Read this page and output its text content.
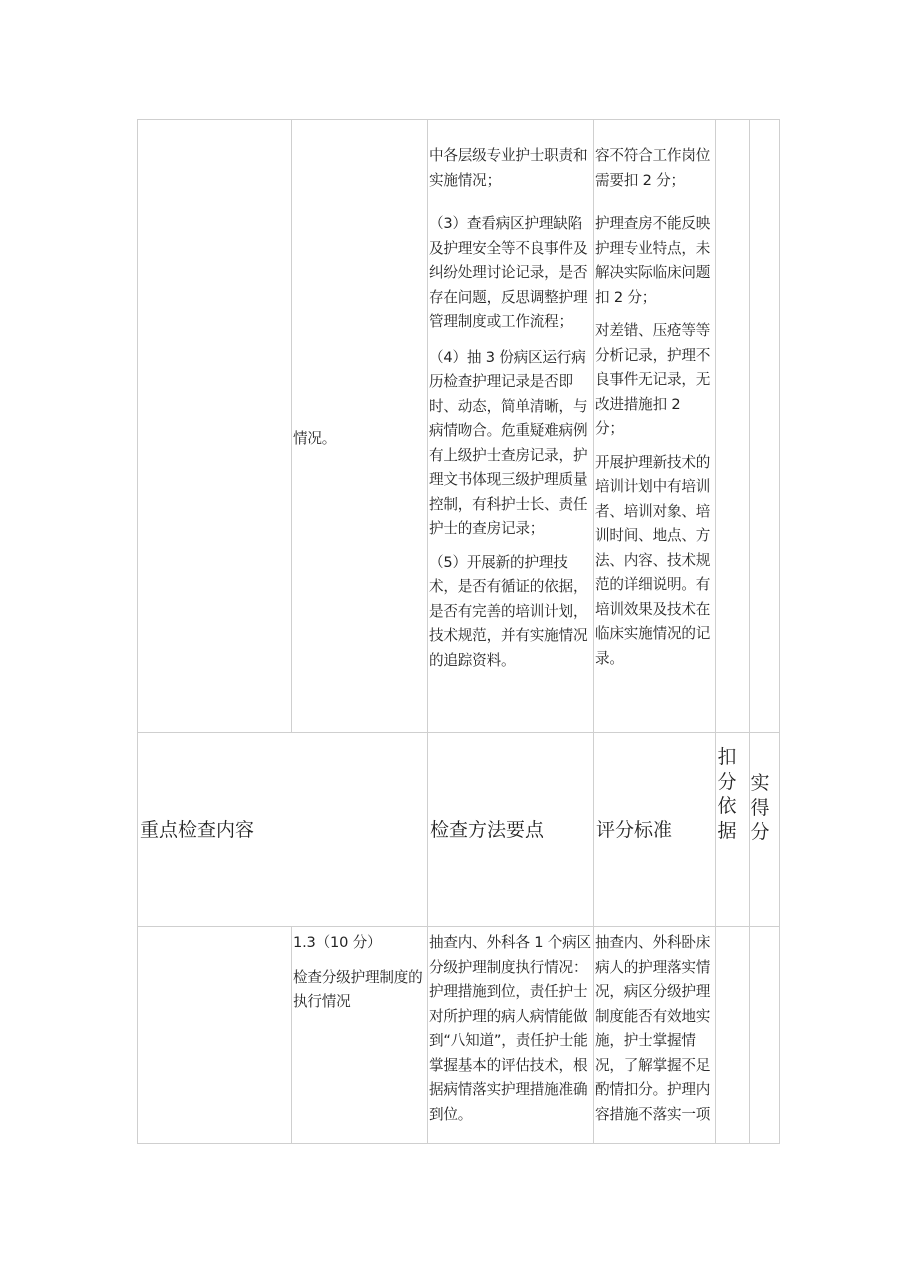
情况。

中各层级专业护士职责和实施情况；

（3）查看病区护理缺陷及护理安全等不良事件及纠纷处理讨论记录，是否存在问题，反思调整护理管理制度或工作流程；

（4）抽 3 份病区运行病历检查护理记录是否即时、动态，简单清晰，与病情吻合。危重疑难病例有上级护士查房记录，护理文书体现三级护理质量控制，有科护士长、责任护士的查房记录；

（5）开展新的护理技术，是否有循证的依据，是否有完善的培训计划，技术规范，并有实施情况的追踪资料。

容不符合工作岗位需要扣 2 分；

护理查房不能反映护理专业特点，未解决实际临床问题扣 2 分；

对差错、压疮等等分析记录，护理不良事件无记录，无改进措施扣 2 分；

开展护理新技术的培训计划中有培训者、培训对象、培训时间、地点、方法、内容、技术规范的详细说明。有培训效果及技术在临床实施情况的记录。

重点检查内容	检查方法要点	评分标准
扣
分
依
据
实
得
分

1.3（10 分）

检查分级护理制度的执行情况

抽查内、外科各 1 个病区分级护理制度执行情况：护理措施到位，责任护士对所护理的病人病情能做到“八知道”，责任护士能掌握基本的评估技术，根据病情落实护理措施准确到位。
抽查内、外科卧床病人的护理落实情况，病区分级护理制度能否有效地实施，护士掌握情况，了解掌握不足酌情扣分。护理内容措施不落实一项
